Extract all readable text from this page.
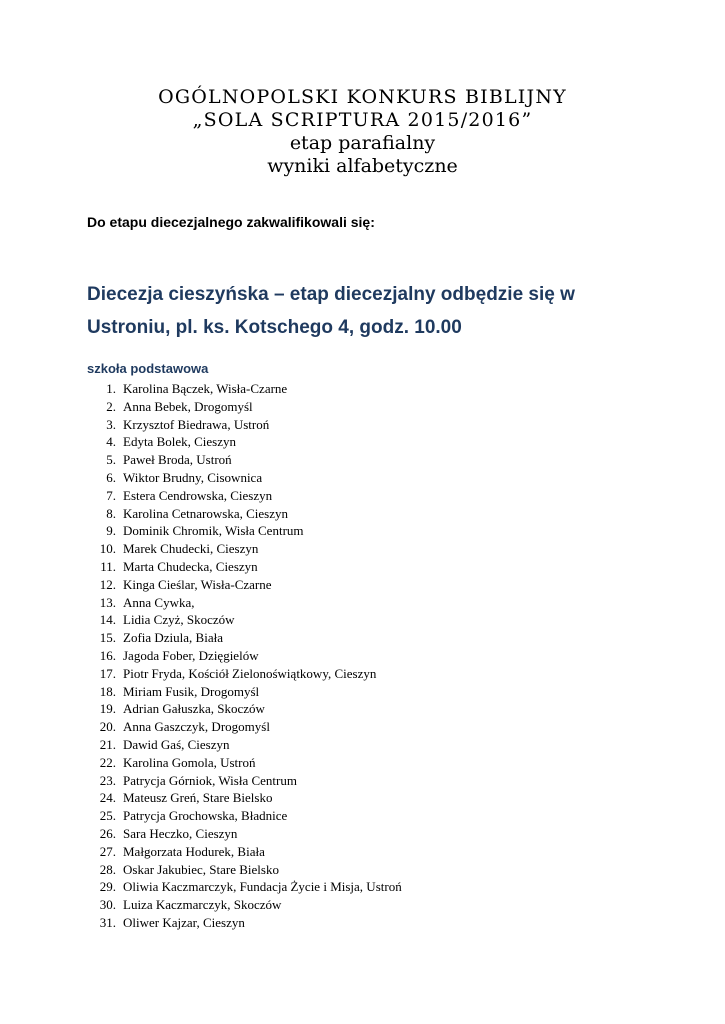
OGÓLNOPOLSKI KONKURS BIBLIJNY
„SOLA SCRIPTURA 2015/2016”
etap parafialny
wyniki alfabetyczne
Do etapu diecezjalnego zakwalifikowali się:
Diecezja cieszyńska – etap diecezjalny odbędzie się w Ustroniu, pl. ks. Kotschego 4, godz. 10.00
szkoła podstawowa
1. Karolina Bączek, Wisła-Czarne
2. Anna Bebek, Drogomyśl
3. Krzysztof Biedrawa, Ustroń
4. Edyta Bolek, Cieszyn
5. Paweł Broda, Ustroń
6. Wiktor Brudny, Cisownica
7. Estera Cendrowska, Cieszyn
8. Karolina Cetnarowska, Cieszyn
9. Dominik Chromik, Wisła Centrum
10. Marek Chudecki, Cieszyn
11. Marta Chudecka, Cieszyn
12. Kinga Cieślar, Wisła-Czarne
13. Anna Cywka,
14. Lidia Czyż, Skoczów
15. Zofia Dziula, Biała
16. Jagoda Fober, Dzięgielów
17. Piotr Fryda, Kościół Zielonoświątkowy, Cieszyn
18. Miriam Fusik, Drogomyśl
19. Adrian Gałuszka, Skoczów
20. Anna Gaszczyk, Drogomyśl
21. Dawid Gaś, Cieszyn
22. Karolina Gomola, Ustroń
23. Patrycja Górniok, Wisła Centrum
24. Mateusz Greń, Stare Bielsko
25. Patrycja Grochowska, Bładnice
26. Sara Heczko, Cieszyn
27. Małgorzata Hodurek, Biała
28. Oskar Jakubiec, Stare Bielsko
29. Oliwia Kaczmarczyk, Fundacja Życie i Misja, Ustroń
30. Luiza Kaczmarczyk, Skoczów
31. Oliwer Kajzar, Cieszyn
